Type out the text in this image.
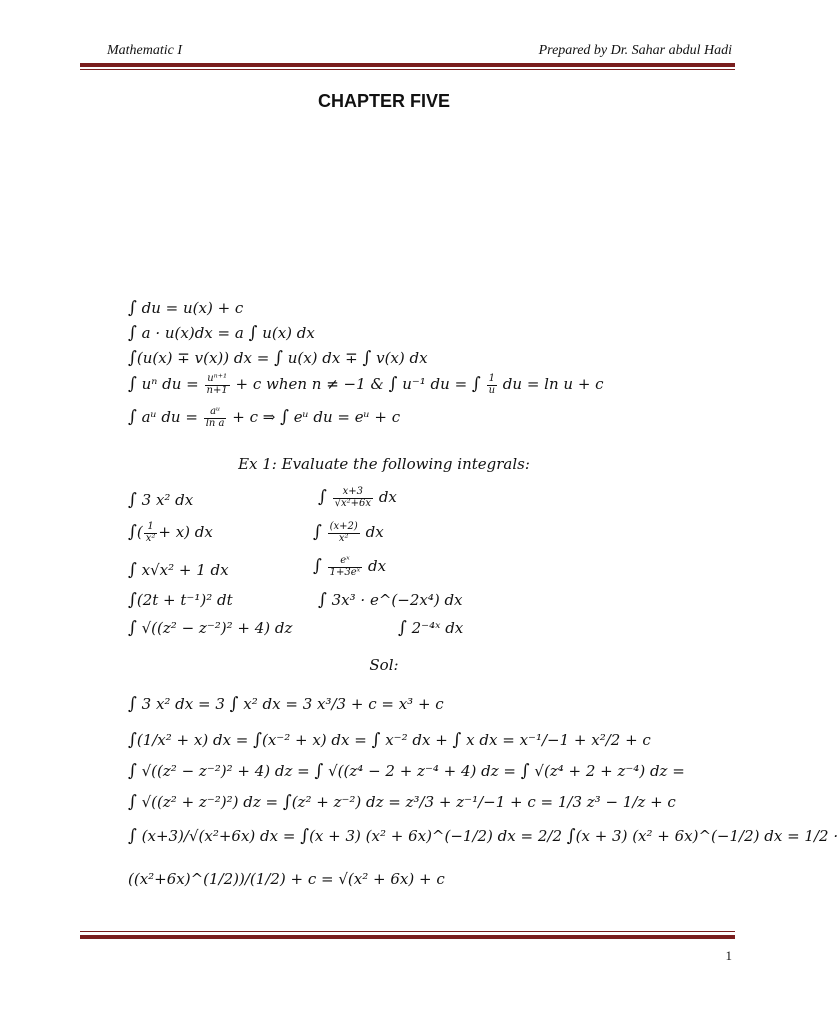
Mathematic I	Prepared by Dr. Sahar abdul Hadi
CHAPTER FIVE
∫ du = u(x) + c
∫ a · u(x)dx = a ∫ u(x) dx
∫(u(x) ∓ v(x)) dx = ∫ u(x) dx ∓ ∫ v(x) dx
∫ uⁿ du = $\frac{\text{uⁿ⁺¹}}{n+1} + c$ when n ≠ −1 & ∫ u⁻¹ du = ∫ $\frac{1}{u}$ du = ln u + c
∫ aᵘ du = $\frac{\text{aᵘ}}{\text{ln a}} + c$ ⇒ ∫ eᵘ du = eᵘ + c
Ex 1: Evaluate the following integrals:
∫ 3 x² dx	∫ $\frac{x+3}{\text{√x²+6x}}$ dx
∫( $\frac{1}{\text{x²}} + x$) dx	∫ $\frac{(x+2)}{\text{x²}}$ dx
∫ x√x² + 1 dx	∫ $\frac{\text{eˣ}}{\text{1+3eˣ}}$ dx
∫(2t + t⁻¹)² dt	∫ 3x³ · e^(−2x⁴) dx
∫ √((z² − z⁻²)² + 4) dz	∫ 2⁻⁴ˣ dx
Sol:
∫ 3 x² dx = 3 ∫ x² dx = 3 x³/3 + c = x³ + c
∫(1/x² + x) dx = ∫(x⁻² + x) dx = ∫ x⁻² dx + ∫ x dx = x⁻¹/−1 + x²/2 + c
∫ √((z² − z⁻²)² + 4) dz = ∫ √((z⁴ − 2 + z⁻⁴ + 4) dz = ∫ √(z⁴ + 2 + z⁻⁴) dz =
∫ √((z² + z⁻²)²) dz = ∫(z² + z⁻²) dz = z³/3 + z⁻¹/−1 + c = 1/3 z³ − 1/z + c
∫ (x+3)/√(x²+6x) dx = ∫(x + 3) (x² + 6x)^(−1/2) dx = 2/2 ∫(x + 3) (x² + 6x)^(−1/2) dx = 1/2 ·
((x²+6x)^(1/2))/(1/2) + c = √(x² + 6x) + c
1
